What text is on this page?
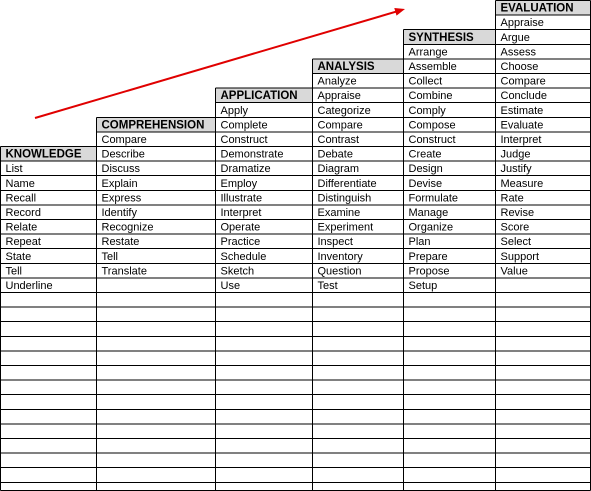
KNOWLEDGE
List
Name
Recall
Record
Relate
Repeat
State
Tell
Underline
COMPREHENSION
Compare
Describe
Discuss
Explain
Express
Identify
Recognize
Restate
Tell
Translate
APPLICATION
Apply
Complete
Construct
Demonstrate
Dramatize
Employ
Illustrate
Interpret
Operate
Practice
Schedule
Sketch
Use
ANALYSIS
Analyze
Appraise
Categorize
Compare
Contrast
Debate
Diagram
Differentiate
Distinguish
Examine
Experiment
Inspect
Inventory
Question
Test
SYNTHESIS
Arrange
Assemble
Collect
Combine
Comply
Compose
Construct
Create
Design
Devise
Formulate
Manage
Organize
Plan
Prepare
Propose
Setup
EVALUATION
Appraise
Argue
Assess
Choose
Compare
Conclude
Estimate
Evaluate
Interpret
Judge
Justify
Measure
Rate
Revise
Score
Select
Support
Value
